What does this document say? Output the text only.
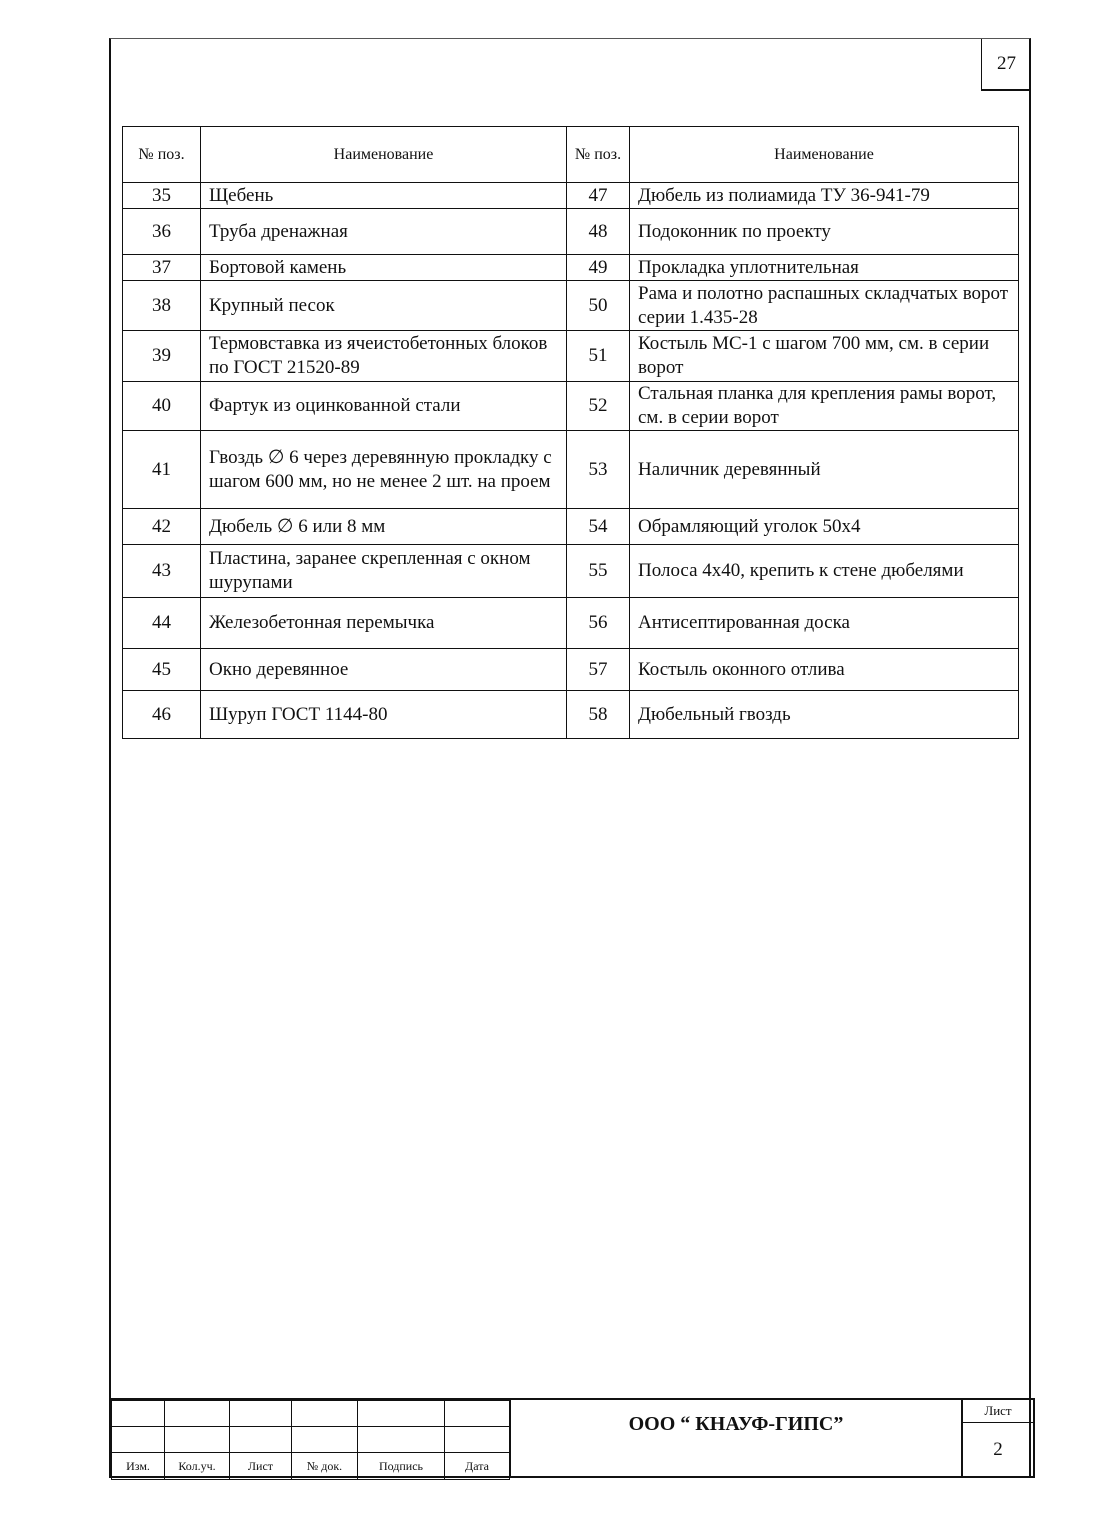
27
№ поз.	Наименование	№ поз.	Наименование
35	Щебень	47	Дюбель из полиамида ТУ 36-941-79
36	Труба дренажная	48	Подоконник по проекту
37	Бортовой камень	49	Прокладка уплотнительная
38	Крупный песок	50	Рама и полотно распашных складчатых ворот серии 1.435-28
39	Термовставка из ячеистобетонных блоков по ГОСТ 21520-89	51	Костыль МС-1 с шагом 700 мм, см. в серии ворот
40	Фартук из оцинкованной стали	52	Стальная планка для крепления рамы ворот, см. в серии ворот
41	Гвоздь ∅ 6 через деревянную прокладку с шагом 600 мм, но не менее 2 шт. на проем	53	Наличник деревянный
42	Дюбель ∅ 6 или 8 мм	54	Обрамляющий уголок 50х4
43	Пластина, заранее скрепленная с окном шурупами	55	Полоса 4х40, крепить к стене дюбелями
44	Железобетонная перемычка	56	Антисептированная доска
45	Окно деревянное	57	Костыль оконного отлива
46	Шуруп ГОСТ 1144-80	58	Дюбельный гвоздь

Изм.	Кол.уч.	Лист	№ док.	Подпись	Дата
ООО “ КНАУФ-ГИПС”
Лист
2
